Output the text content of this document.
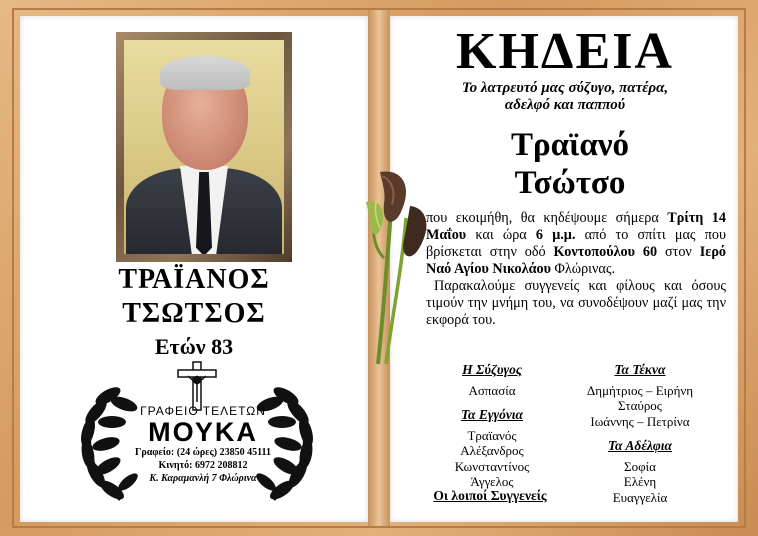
ΤΡΑΪΑΝΟΣ
ΤΣΩΤΣΟΣ
Ετών 83
ΓΡΑΦΕΙΟ ΤΕΛΕΤΩΝ
ΜΟΥΚΑ
Γραφείο: (24 ώρες) 23850 45111
Κινητό: 6972 208812
Κ. Καραμανλή 7 Φλώρινα
ΚΗΔΕΙΑ
Το λατρευτό μας σύζυγο, πατέρα,
αδελφό και παππού
Τραϊανό
Τσώτσο

που εκοιμήθη, θα κηδέψουμε σήμερα Τρίτη 14 Μαΐου και ώρα 6 μ.μ. από το σπίτι μας που βρίσκεται στην οδό Κοντοπούλου 60 στον Ιερό Ναό Αγίου Νικολάου Φλώρινας.

Παρακαλούμε συγγενείς και φίλους και όσους τιμούν την μνήμη του, να συνοδέψουν μαζί μας την εκφορά του.

Η Σύζυγος
Ασπασία
Τα Εγγόνια
Τραϊανός
Αλέξανδρος
Κωνσταντίνος
Άγγελος
Τα Τέκνα
Δημήτριος – Ειρήνη
Σταύρος
Ιωάννης – Πετρίνα
Τα Αδέλφια
Σοφία
Ελένη
Ευαγγελία
Οι λοιποί Συγγενείς
